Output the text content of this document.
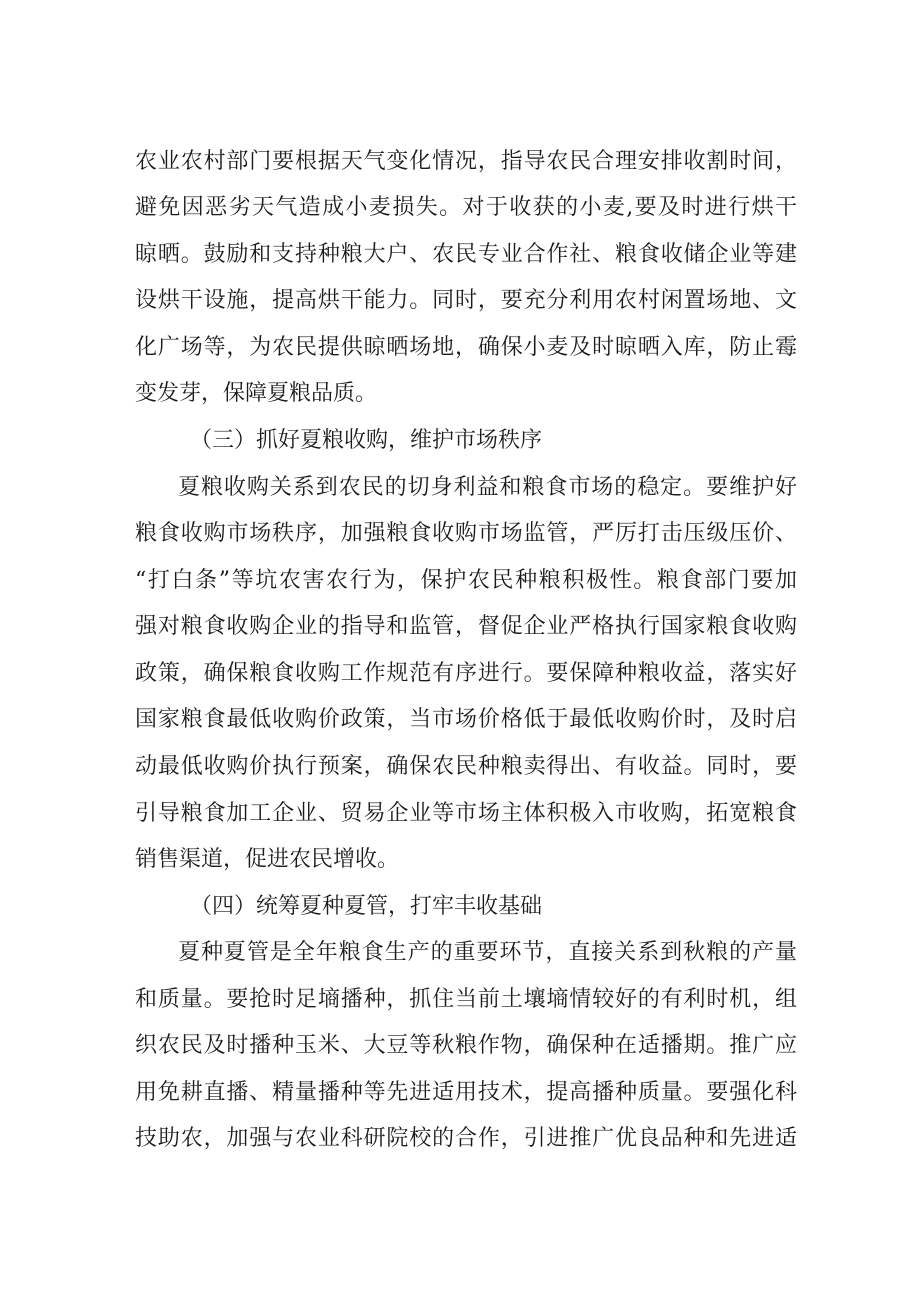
农业农村部门要根据天气变化情况，指导农民合理安排收割时间，
避免因恶劣天气造成小麦损失。对于收获的小麦,要及时进行烘干
晾晒。鼓励和支持种粮大户、农民专业合作社、粮食收储企业等建
设烘干设施，提高烘干能力。同时，要充分利用农村闲置场地、文
化广场等，为农民提供晾晒场地，确保小麦及时晾晒入库，防止霉
变发芽，保障夏粮品质。
（三）抓好夏粮收购，维护市场秩序
夏粮收购关系到农民的切身利益和粮食市场的稳定。要维护好
粮食收购市场秩序，加强粮食收购市场监管，严厉打击压级压价、
“打白条”等坑农害农行为，保护农民种粮积极性。粮食部门要加
强对粮食收购企业的指导和监管，督促企业严格执行国家粮食收购
政策，确保粮食收购工作规范有序进行。要保障种粮收益，落实好
国家粮食最低收购价政策，当市场价格低于最低收购价时，及时启
动最低收购价执行预案，确保农民种粮卖得出、有收益。同时，要
引导粮食加工企业、贸易企业等市场主体积极入市收购，拓宽粮食
销售渠道，促进农民增收。
（四）统筹夏种夏管，打牢丰收基础
夏种夏管是全年粮食生产的重要环节，直接关系到秋粮的产量
和质量。要抢时足墒播种，抓住当前土壤墒情较好的有利时机，组
织农民及时播种玉米、大豆等秋粮作物，确保种在适播期。推广应
用免耕直播、精量播种等先进适用技术，提高播种质量。要强化科
技助农，加强与农业科研院校的合作，引进推广优良品种和先进适
